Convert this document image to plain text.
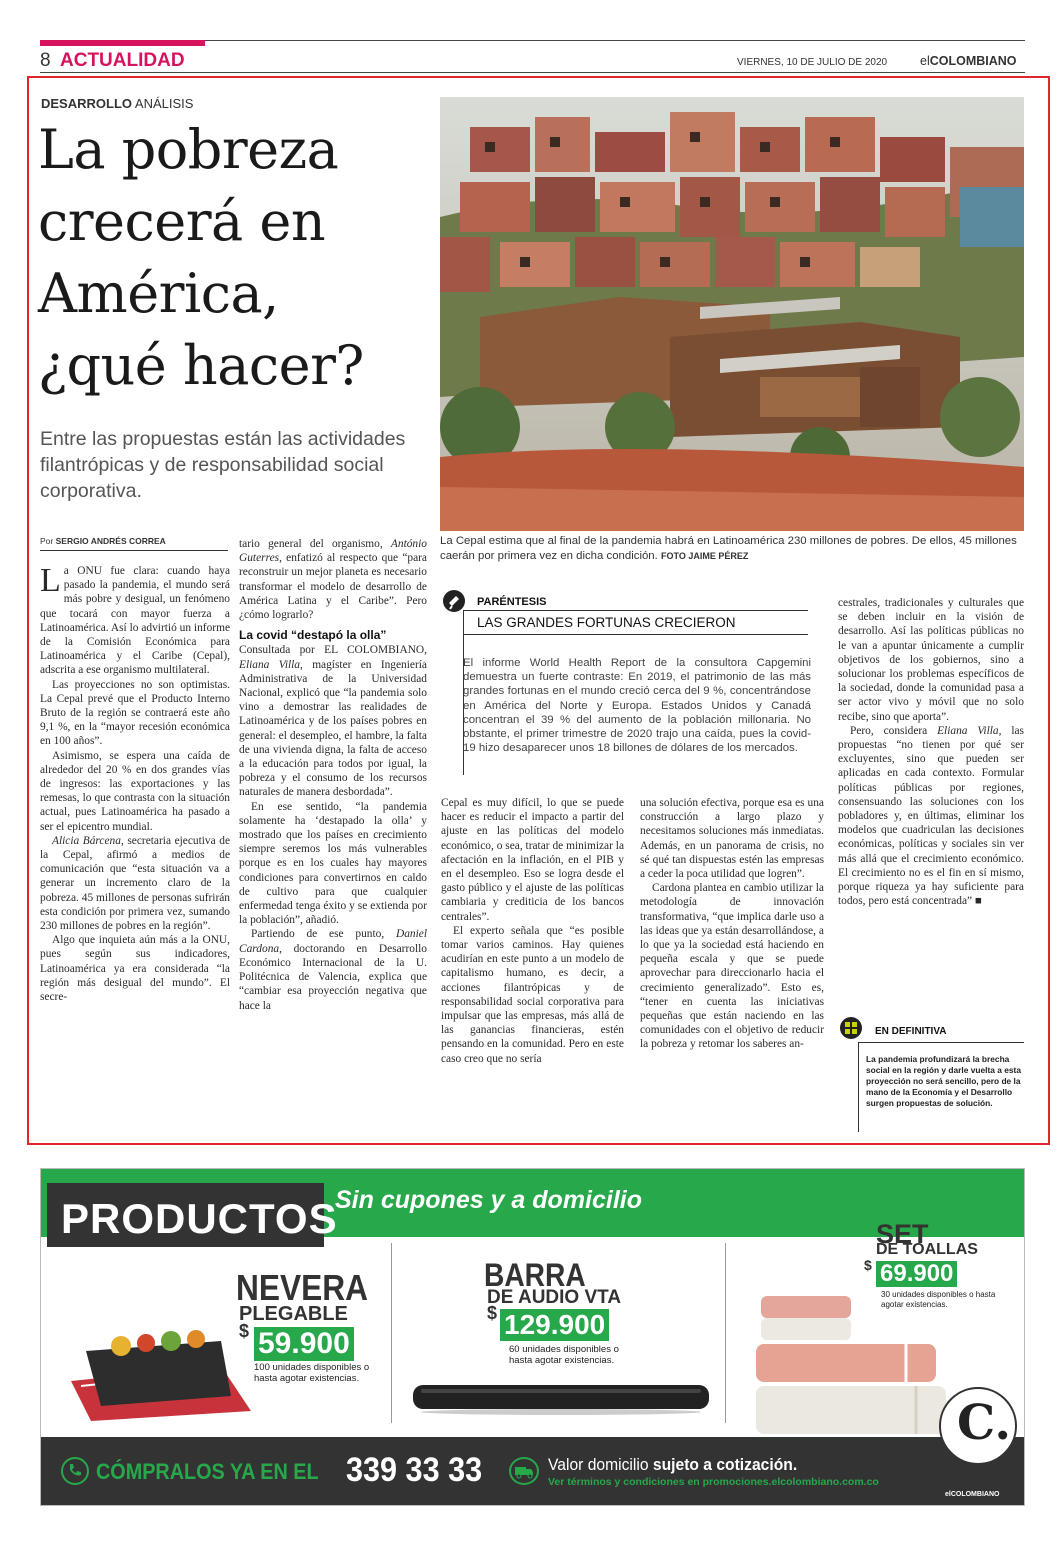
8 ACTUALIDAD	VIERNES, 10 DE JULIO DE 2020	elCOLOMBIANO
DESARROLLO ANÁLISIS
La pobreza
crecerá en
América,
¿qué hacer?
Entre las propuestas están las actividades filantrópicas y de responsabilidad social corporativa.
La Cepal estima que al final de la pandemia habrá en Latinoamérica 230 millones de pobres. De ellos, 45 millones caerán por primera vez en dicha condición. FOTO JAIME PÉREZ
Por SERGIO ANDRÉS CORREA

La ONU fue clara: cuando haya pasado la pandemia, el mundo será más pobre y desigual, un fenómeno que tocará con mayor fuerza a Latinoamérica. Así lo advirtió un informe de la Comisión Económica para Latinoamérica y el Caribe (Cepal), adscrita a ese organismo multilateral.

Las proyecciones no son optimistas. La Cepal prevé que el Producto Interno Bruto de la región se contraerá este año 9,1 %, en la “mayor recesión económica en 100 años”.

Asimismo, se espera una caída de alrededor del 20 % en dos grandes vías de ingresos: las exportaciones y las remesas, lo que contrasta con la situación actual, pues Latinoamérica ha pasado a ser el epicentro mundial.

Alicia Bárcena, secretaria ejecutiva de la Cepal, afirmó a medios de comunicación que “esta situación va a generar un incremento claro de la pobreza. 45 millones de personas sufrirán esta condición por primera vez, sumando 230 millones de pobres en la región”.

Algo que inquieta aún más a la ONU, pues según sus indicadores, Latinoamérica ya era considerada “la región más desigual del mundo”. El secre-

tario general del organismo, António Guterres, enfatizó al respecto que “para reconstruir un mejor planeta es necesario transformar el modelo de desarrollo de América Latina y el Caribe”. Pero ¿cómo lograrlo?

La covid “destapó la olla”

Consultada por EL COLOMBIANO, Eliana Villa, magíster en Ingeniería Administrativa de la Universidad Nacional, explicó que “la pandemia solo vino a demostrar las realidades de Latinoamérica y de los países pobres en general: el desempleo, el hambre, la falta de una vivienda digna, la falta de acceso a la educación para todos por igual, la pobreza y el consumo de los recursos naturales de manera desbordada”.

En ese sentido, “la pandemia solamente ha ‘destapado la olla’ y mostrado que los países en crecimiento siempre seremos los más vulnerables porque es en los cuales hay mayores condiciones para convertirnos en caldo de cultivo para que cualquier enfermedad tenga éxito y se extienda por la población”, añadió.

Partiendo de ese punto, Daniel Cardona, doctorando en Desarrollo Económico Internacional de la U. Politécnica de Valencia, explica que “cambiar esa proyección negativa que hace la

PARÉNTESIS
LAS GRANDES FORTUNAS CRECIERON
El informe World Health Report de la consultora Capgemini demuestra un fuerte contraste: En 2019, el patrimonio de las más grandes fortunas en el mundo creció cerca del 9 %, concentrándose en América del Norte y Europa. Estados Unidos y Canadá concentran el 39 % del aumento de la población millonaria. No obstante, el primer trimestre de 2020 trajo una caída, pues la covid-19 hizo desaparecer unos 18 billones de dólares de los mercados.

Cepal es muy difícil, lo que se puede hacer es reducir el impacto a partir del ajuste en las políticas del modelo económico, o sea, tratar de minimizar la afectación en la inflación, en el PIB y en el desempleo. Eso se logra desde el gasto público y el ajuste de las políticas cambiaria y crediticia de los bancos centrales”.

El experto señala que “es posible tomar varios caminos. Hay quienes acudirían en este punto a un modelo de capitalismo humano, es decir, a acciones filantrópicas y de responsabilidad social corporativa para impulsar que las empresas, más allá de las ganancias financieras, estén pensando en la comunidad. Pero en este caso creo que no sería

una solución efectiva, porque esa es una construcción a largo plazo y necesitamos soluciones más inmediatas. Además, en un panorama de crisis, no sé qué tan dispuestas estén las empresas a ceder la poca utilidad que logren”.

Cardona plantea en cambio utilizar la metodología de innovación transformativa, “que implica darle uso a las ideas que ya están desarrollándose, a lo que ya la sociedad está haciendo en pequeña escala y que se puede aprovechar para direccionarlo hacia el crecimiento generalizado”. Esto es, “tener en cuenta las iniciativas pequeñas que están naciendo en las comunidades con el objetivo de reducir la pobreza y retomar los saberes an-

cestrales, tradicionales y culturales que se deben incluir en la visión de desarrollo. Así las políticas públicas no le van a apuntar únicamente a cumplir objetivos de los gobiernos, sino a solucionar los problemas específicos de la sociedad, donde la comunidad pasa a ser actor vivo y móvil que no solo recibe, sino que aporta”.

Pero, considera Eliana Villa, las propuestas “no tienen por qué ser excluyentes, sino que pueden ser aplicadas en cada contexto. Formular políticas públicas por regiones, consensuando las soluciones con los pobladores y, en últimas, eliminar los modelos que cuadriculan las decisiones económicas, políticas y sociales sin ver más allá que el crecimiento económico. El crecimiento no es el fin en sí mismo, porque riqueza ya hay suficiente para todos, pero está concentrada” ■

EN DEFINITIVA
La pandemia profundizará la brecha social en la región y darle vuelta a esta proyección no será sencillo, pero de la mano de la Economía y el Desarrollo surgen propuestas de solución.
PRODUCTOS
Sin cupones y a domicilio
NEVERA
PLEGABLE
$ 59.900
100 unidades disponibles o hasta agotar existencias.
BARRA
DE AUDIO VTA
$ 129.900
60 unidades disponibles o hasta agotar existencias.
SET
DE TOALLAS
$ 69.900
30 unidades disponibles o hasta agotar existencias.
CÓMPRALOS YA EN EL 339 33 33	Valor domicilio sujeto a cotización.
Ver términos y condiciones en promociones.elcolombiano.com.co
C.
elCOLOMBIANO
